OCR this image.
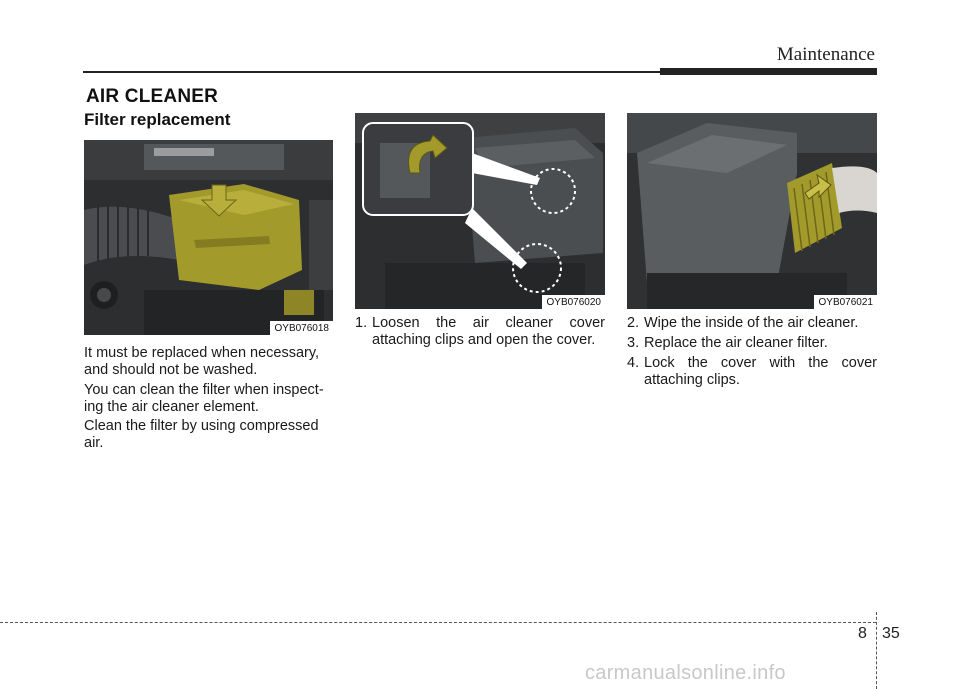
Maintenance
AIR CLEANER
Filter replacement
OYB076018
OYB076020	OYB076021

It must be replaced when necessary, and should not be washed.

You can clean the filter when inspect-ing the air cleaner element.

Clean the filter by using compressed air.

1. Loosen the air cleaner cover attaching clips and open the cover.
2. Wipe the inside of the air cleaner.
3. Replace the air cleaner filter.
4. Lock the cover with the cover attaching clips.
8 35
carmanualsonline.info
